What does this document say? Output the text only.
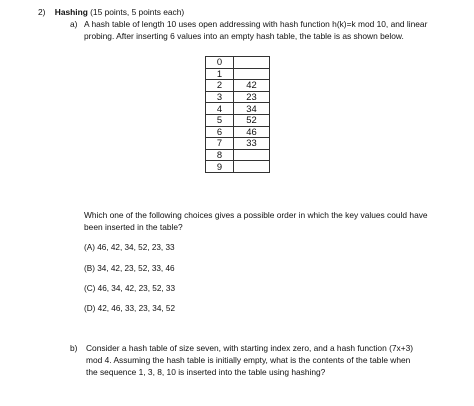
2) Hashing (15 points, 5 points each)
a) A hash table of length 10 uses open addressing with hash function h(k)=k mod 10, and linear
probing. After inserting 6 values into an empty hash table, the table is as shown below.
0	
1	
2	42
3	23
4	34
5	52
6	46
7	33
8	
9	
Which one of the following choices gives a possible order in which the key values could have
been inserted in the table?
(A) 46, 42, 34, 52, 23, 33
(B) 34, 42, 23, 52, 33, 46
(C) 46, 34, 42, 23, 52, 33
(D) 42, 46, 33, 23, 34, 52
b) Consider a hash table of size seven, with starting index zero, and a hash function (7x+3)
mod 4. Assuming the hash table is initially empty, what is the contents of the table when
the sequence 1, 3, 8, 10 is inserted into the table using hashing?
